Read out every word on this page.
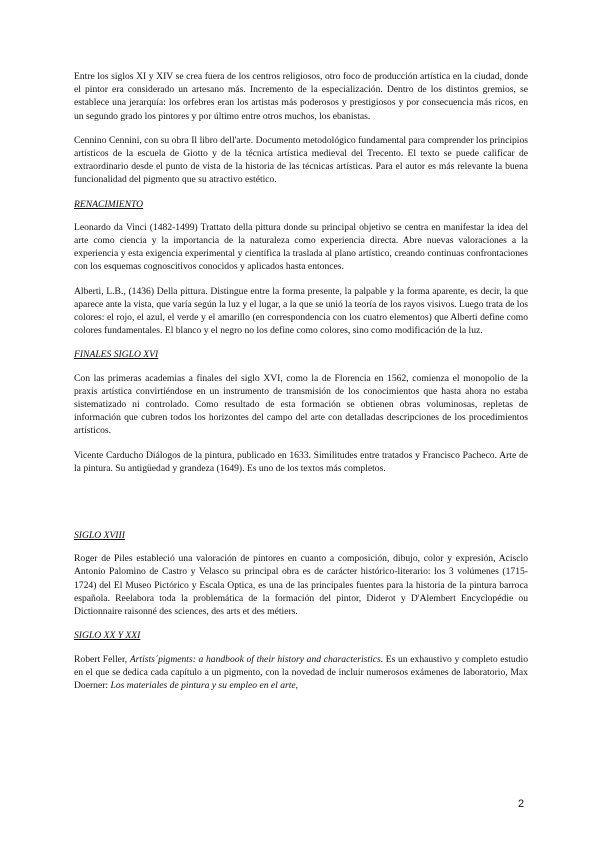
Entre los siglos XI y XIV se crea fuera de los centros religiosos, otro foco de producción artística en la ciudad, donde el pintor era considerado un artesano más. Incremento de la especialización. Dentro de los distintos gremios, se establece una jerarquía: los orfebres eran los artistas más poderosos y prestigiosos y por consecuencia más ricos, en un segundo grado los pintores y por último entre otros muchos, los ebanistas.

Cennino Cennini, con su obra Il libro dell'arte. Documento metodológico fundamental para comprender los principios artísticos de la escuela de Giotto y de la técnica artística medieval del Trecento. El texto se puede calificar de extraordinario desde el punto de vista de la historia de las técnicas artísticas. Para el autor es más relevante la buena funcionalidad del pigmento que su atractivo estético.

RENACIMIENTO

Leonardo da Vinci (1482-1499) Trattato della pittura donde su principal objetivo se centra en manifestar la idea del arte como ciencia y la importancia de la naturaleza como experiencia directa. Abre nuevas valoraciones a la experiencia y esta exigencia experimental y científica la traslada al plano artístico, creando continuas confrontaciones con los esquemas cognoscitivos conocidos y aplicados hasta entonces.

Alberti, L.B., (1436) Della pittura. Distingue entre la forma presente, la palpable y la forma aparente, es decir, la que aparece ante la vista, que varía según la luz y el lugar, a la que se unió la teoría de los rayos visivos. Luego trata de los colores: el rojo, el azul, el verde y el amarillo (en correspondencia con los cuatro elementos) que Alberti define como colores fundamentales. El blanco y el negro no los define como colores, sino como modificación de la luz.

FINALES SIGLO XVI

Con las primeras academias a finales del siglo XVI, como la de Florencia en 1562, comienza el monopolio de la praxis artística convirtiéndose en un instrumento de transmisión de los conocimientos que hasta ahora no estaba sistematizado ni controlado. Como resultado de esta formación se obtienen obras voluminosas, repletas de información que cubren todos los horizontes del campo del arte con detalladas descripciones de los procedimientos artísticos.

Vicente Carducho Diálogos de la pintura, publicado en 1633. Similitudes entre tratados y Francisco Pacheco. Arte de la pintura. Su antigüedad y grandeza (1649). Es uno de los textos más completos.

SIGLO XVIII

Roger de Piles estableció una valoración de pintores en cuanto a composición, dibujo, color y expresión, Acisclo Antonio Palomino de Castro y Velasco su principal obra es de carácter histórico-literario: los 3 volúmenes (1715-1724) del El Museo Pictórico y Escala Optica, es una de las principales fuentes para la historia de la pintura barroca española. Reelabora toda la problemática de la formación del pintor, Diderot y D'Alembert Encyclopédie ou Dictionnaire raisonné des sciences, des arts et des métiers.

SIGLO XX Y XXI

Robert Feller, Artists´pigments: a handbook of their history and characteristics. Es un exhaustivo y completo estudio en el que se dedica cada capítulo a un pigmento, con la novedad de incluir numerosos exámenes de laboratorio, Max Doerner: Los materiales de pintura y su empleo en el arte,

2
